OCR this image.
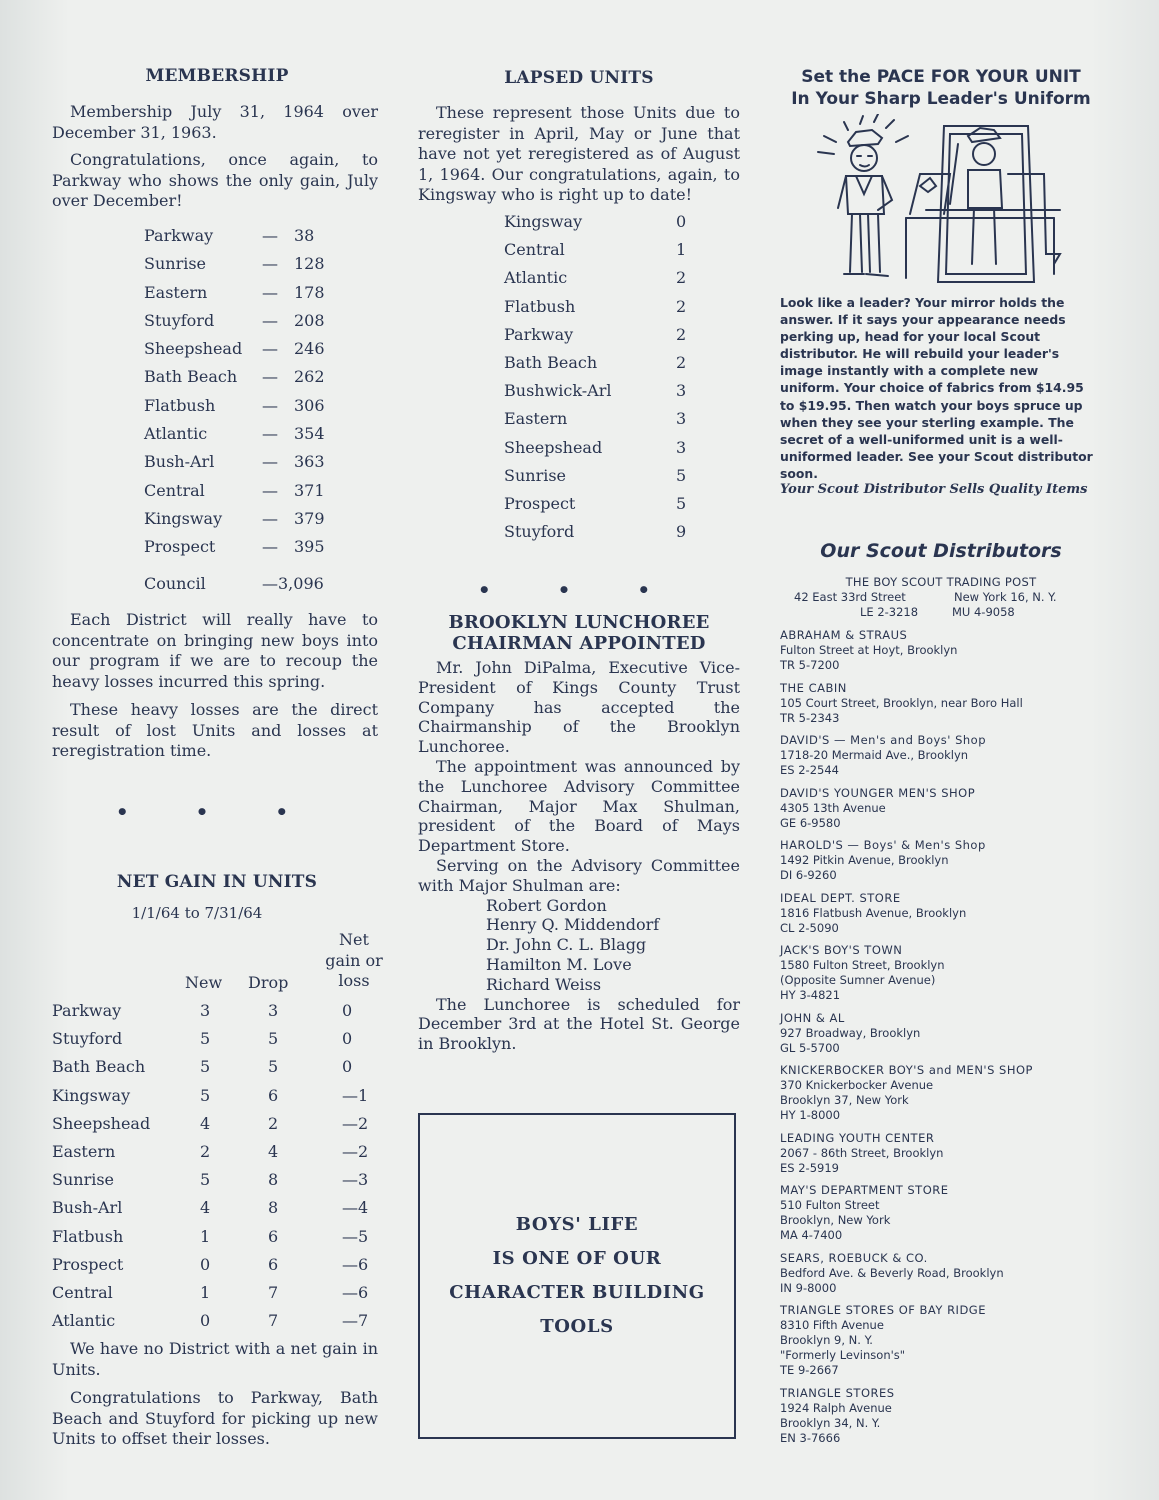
MEMBERSHIP

Membership July 31, 1964 over December 31, 1963.

Congratulations, once again, to Parkway who shows the only gain, July over December!

Parkway	— 38
Sunrise	— 128
Eastern	— 178
Stuyford	— 208
Sheepshead — 246
Bath Beach — 262
Flatbush	— 306
Atlantic	— 354
Bush-Arl	— 363
Central	— 371
Kingsway — 379
Prospect	— 395
Council	—3,096

Each District will really have to concentrate on bringing new boys into our program if we are to recoup the heavy losses incurred this spring.

These heavy losses are the direct result of lost Units and losses at reregistration time.

• • •
NET GAIN IN UNITS
1/1/64 to 7/31/64
Net
gain or
loss
New Drop
Parkway	3	3	0
Stuyford	5	5	0
Bath Beach	5	5	0
Kingsway	5	6	—1
Sheepshead	4	2	—2
Eastern	2	4	—2
Sunrise	5	8	—3
Bush-Arl	4	8	—4
Flatbush	1	6	—5
Prospect	0	6	—6
Central	1	7	—6
Atlantic	0	7	—7

We have no District with a net gain in Units.

Congratulations to Parkway, Bath Beach and Stuyford for picking up new Units to offset their losses.

LAPSED UNITS

These represent those Units due to reregister in April, May or June that have not yet reregistered as of August 1, 1964. Our congratulations, again, to Kingsway who is right up to date!

Kingsway	0
Central	1
Atlantic	2
Flatbush	2
Parkway	2
Bath Beach	2
Bushwick-Arl	3
Eastern	3
Sheepshead	3
Sunrise	5
Prospect	5
Stuyford	9
• • •
BROOKLYN LUNCHOREE
CHAIRMAN APPOINTED

Mr. John DiPalma, Executive Vice-President of Kings County Trust Company has accepted the Chairmanship of the Brooklyn Lunchoree.

The appointment was announced by the Lunchoree Advisory Committee Chairman, Major Max Shulman, president of the Board of Mays Department Store.

Serving on the Advisory Committee with Major Shulman are:

Robert Gordon
Henry Q. Middendorf
Dr. John C. L. Blagg
Hamilton M. Love
Richard Weiss

The Lunchoree is scheduled for December 3rd at the Hotel St. George in Brooklyn.

BOYS' LIFE
IS ONE OF OUR
CHARACTER BUILDING
TOOLS

Set the PACE FOR YOUR UNIT

In Your Sharp Leader's Uniform

Look like a leader? Your mirror holds the answer. If it says your appearance needs perking up, head for your local Scout distributor. He will rebuild your leader's image instantly with a complete new uniform. Your choice of fabrics from $14.95 to $19.95. Then watch your boys spruce up when they see your sterling example. The secret of a well-uniformed unit is a well-uniformed leader. See your Scout distributor soon.

Your Scout Distributor Sells Quality Items

Our Scout Distributors

THE BOY SCOUT TRADING POST
42 East 33rd Street	New York 16, N. Y.
LE 2-3218	MU 4-9058
ABRAHAM & STRAUS
Fulton Street at Hoyt, Brooklyn
TR 5-7200
THE CABIN
105 Court Street, Brooklyn, near Boro Hall
TR 5-2343
DAVID'S — Men's and Boys' Shop
1718-20 Mermaid Ave., Brooklyn
ES 2-2544
DAVID'S YOUNGER MEN'S SHOP
4305 13th Avenue
GE 6-9580
HAROLD'S — Boys' & Men's Shop
1492 Pitkin Avenue, Brooklyn
DI 6-9260
IDEAL DEPT. STORE
1816 Flatbush Avenue, Brooklyn
CL 2-5090
JACK'S BOY'S TOWN
1580 Fulton Street, Brooklyn
(Opposite Sumner Avenue)
HY 3-4821
JOHN & AL
927 Broadway, Brooklyn
GL 5-5700
KNICKERBOCKER BOY'S and MEN'S SHOP
370 Knickerbocker Avenue
Brooklyn 37, New York
HY 1-8000
LEADING YOUTH CENTER
2067 - 86th Street, Brooklyn
ES 2-5919
MAY'S DEPARTMENT STORE
510 Fulton Street
Brooklyn, New York
MA 4-7400
SEARS, ROEBUCK & CO.
Bedford Ave. & Beverly Road, Brooklyn
IN 9-8000
TRIANGLE STORES OF BAY RIDGE
8310 Fifth Avenue
Brooklyn 9, N. Y.
"Formerly Levinson's"
TE 9-2667
TRIANGLE STORES
1924 Ralph Avenue
Brooklyn 34, N. Y.
EN 3-7666
